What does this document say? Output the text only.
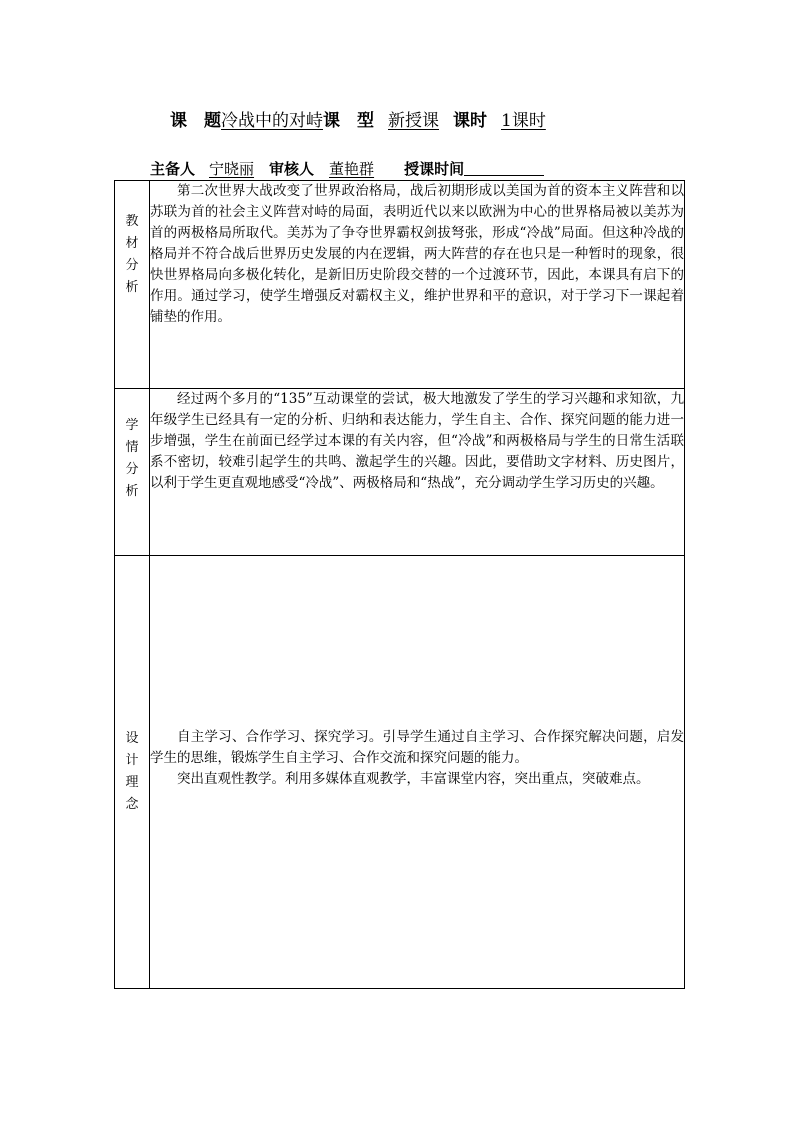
课　题冷战中的对峙课　型 新授课 课时 1课时
主备人 宁晓丽  审核人  董艳群   授课时间
教材分析	第二次世界大战改变了世界政治格局，战后初期形成以美国为首的资本主义阵营和以苏联为首的社会主义阵营对峙的局面，表明近代以来以欧洲为中心的世界格局被以美苏为首的两极格局所取代。美苏为了争夺世界霸权剑拔弩张，形成“冷战”局面。但这种冷战的格局并不符合战后世界历史发展的内在逻辑，两大阵营的存在也只是一种暂时的现象，很快世界格局向多极化转化，是新旧历史阶段交替的一个过渡环节，因此，本课具有启下的作用。通过学习，使学生增强反对霸权主义，维护世界和平的意识，对于学习下一课起着铺垫的作用。

学情分析	经过两个多月的“135”互动课堂的尝试，极大地激发了学生的学习兴趣和求知欲，九年级学生已经具有一定的分析、归纳和表达能力，学生自主、合作、探究问题的能力进一步增强，学生在前面已经学过本课的有关内容，但“冷战”和两极格局与学生的日常生活联系不密切，较难引起学生的共鸣、激起学生的兴趣。因此，要借助文字材料、历史图片，以利于学生更直观地感受“冷战”、两极格局和“热战”，充分调动学生学习历史的兴趣。

设计理念	自主学习、合作学习、探究学习。引导学生通过自主学习、合作探究解决问题，启发学生的思维，锻炼学生自主学习、合作交流和探究问题的能力。

突出直观性教学。利用多媒体直观教学，丰富课堂内容，突出重点，突破难点。
